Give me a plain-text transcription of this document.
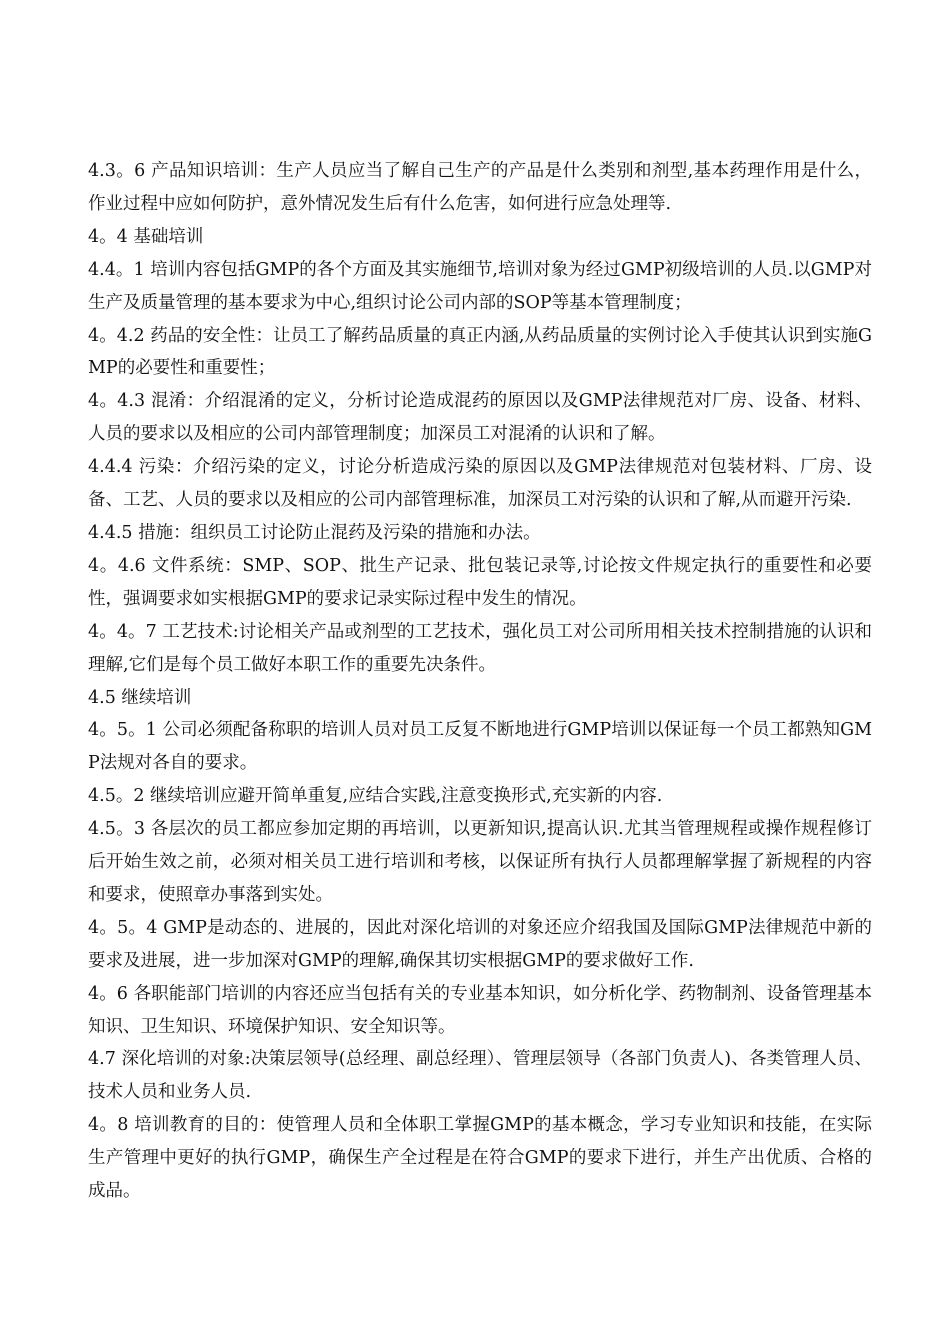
4.3。6 产品知识培训：生产人员应当了解自己生产的产品是什么类别和剂型,基本药理作用是什么，作业过程中应如何防护，意外情况发生后有什么危害，如何进行应急处理等.

4。4 基础培训

4.4。1 培训内容包括GMP的各个方面及其实施细节,培训对象为经过GMP初级培训的人员.以GMP对生产及质量管理的基本要求为中心,组织讨论公司内部的SOP等基本管理制度；

4。4.2 药品的安全性：让员工了解药品质量的真正内涵,从药品质量的实例讨论入手使其认识到实施GMP的必要性和重要性；

4。4.3 混淆：介绍混淆的定义，分析讨论造成混药的原因以及GMP法律规范对厂房、设备、材料、人员的要求以及相应的公司内部管理制度；加深员工对混淆的认识和了解。

4.4.4 污染：介绍污染的定义，讨论分析造成污染的原因以及GMP法律规范对包装材料、厂房、设备、工艺、人员的要求以及相应的公司内部管理标准，加深员工对污染的认识和了解,从而避开污染.

4.4.5 措施：组织员工讨论防止混药及污染的措施和办法。

4。4.6 文件系统：SMP、SOP、批生产记录、批包装记录等,讨论按文件规定执行的重要性和必要性，强调要求如实根据GMP的要求记录实际过程中发生的情况。

4。4。7 工艺技术:讨论相关产品或剂型的工艺技术，强化员工对公司所用相关技术控制措施的认识和理解,它们是每个员工做好本职工作的重要先决条件。

4.5 继续培训

4。5。1 公司必须配备称职的培训人员对员工反复不断地进行GMP培训以保证每一个员工都熟知GMP法规对各自的要求。

4.5。2 继续培训应避开简单重复,应结合实践,注意变换形式,充实新的内容.

4.5。3 各层次的员工都应参加定期的再培训，以更新知识,提高认识.尤其当管理规程或操作规程修订后开始生效之前，必须对相关员工进行培训和考核，以保证所有执行人员都理解掌握了新规程的内容和要求，使照章办事落到实处。

4。5。4 GMP是动态的、进展的，因此对深化培训的对象还应介绍我国及国际GMP法律规范中新的要求及进展，进一步加深对GMP的理解,确保其切实根据GMP的要求做好工作.

4。6 各职能部门培训的内容还应当包括有关的专业基本知识，如分析化学、药物制剂、设备管理基本知识、卫生知识、环境保护知识、安全知识等。

4.7 深化培训的对象:决策层领导(总经理、副总经理）、管理层领导（各部门负责人)、各类管理人员、技术人员和业务人员.

4。8 培训教育的目的：使管理人员和全体职工掌握GMP的基本概念，学习专业知识和技能，在实际生产管理中更好的执行GMP，确保生产全过程是在符合GMP的要求下进行，并生产出优质、合格的成品。
